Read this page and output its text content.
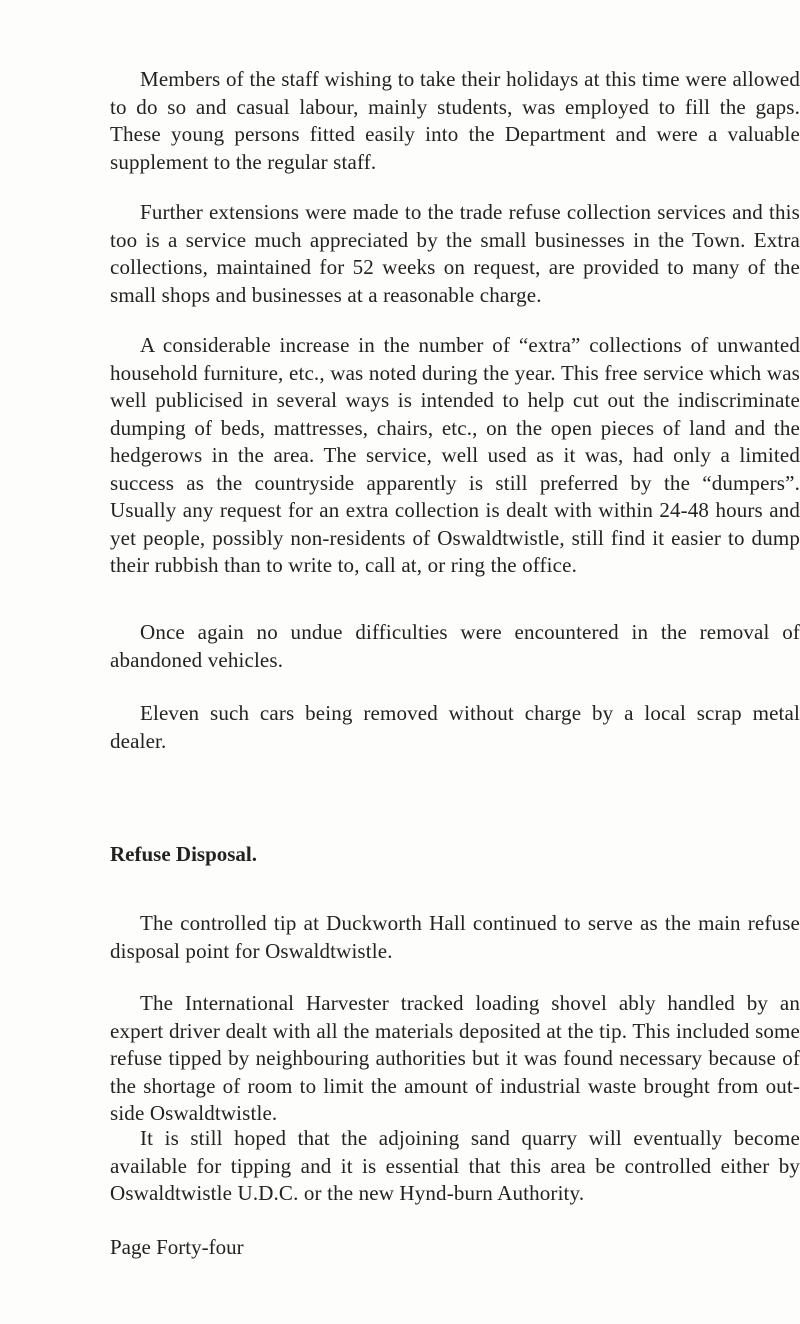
Members of the staff wishing to take their holidays at this time were allowed to do so and casual labour, mainly students, was employed to fill the gaps. These young persons fitted easily into the Department and were a valuable supplement to the regular staff.

Further extensions were made to the trade refuse collection services and this too is a service much appreciated by the small businesses in the Town. Extra collections, maintained for 52 weeks on request, are provided to many of the small shops and businesses at a reasonable charge.

A considerable increase in the number of “extra” collections of unwanted household furniture, etc., was noted during the year. This free service which was well publicised in several ways is intended to help cut out the indiscriminate dumping of beds, mattresses, chairs, etc., on the open pieces of land and the hedgerows in the area. The service, well used as it was, had only a limited success as the countryside apparently is still preferred by the “dumpers”. Usually any request for an extra collection is dealt with within 24-48 hours and yet people, possibly non-residents of Oswaldtwistle, still find it easier to dump their rubbish than to write to, call at, or ring the office.

Once again no undue difficulties were encountered in the removal of abandoned vehicles.

Eleven such cars being removed without charge by a local scrap metal dealer.

Refuse Disposal.

The controlled tip at Duckworth Hall continued to serve as the main refuse disposal point for Oswaldtwistle.

The International Harvester tracked loading shovel ably handled by an expert driver dealt with all the materials deposited at the tip. This included some refuse tipped by neighbouring authorities but it was found necessary because of the shortage of room to limit the amount of industrial waste brought from out-side Oswaldtwistle.

It is still hoped that the adjoining sand quarry will eventually become available for tipping and it is essential that this area be controlled either by Oswaldtwistle U.D.C. or the new Hynd-burn Authority.

Page Forty-four
